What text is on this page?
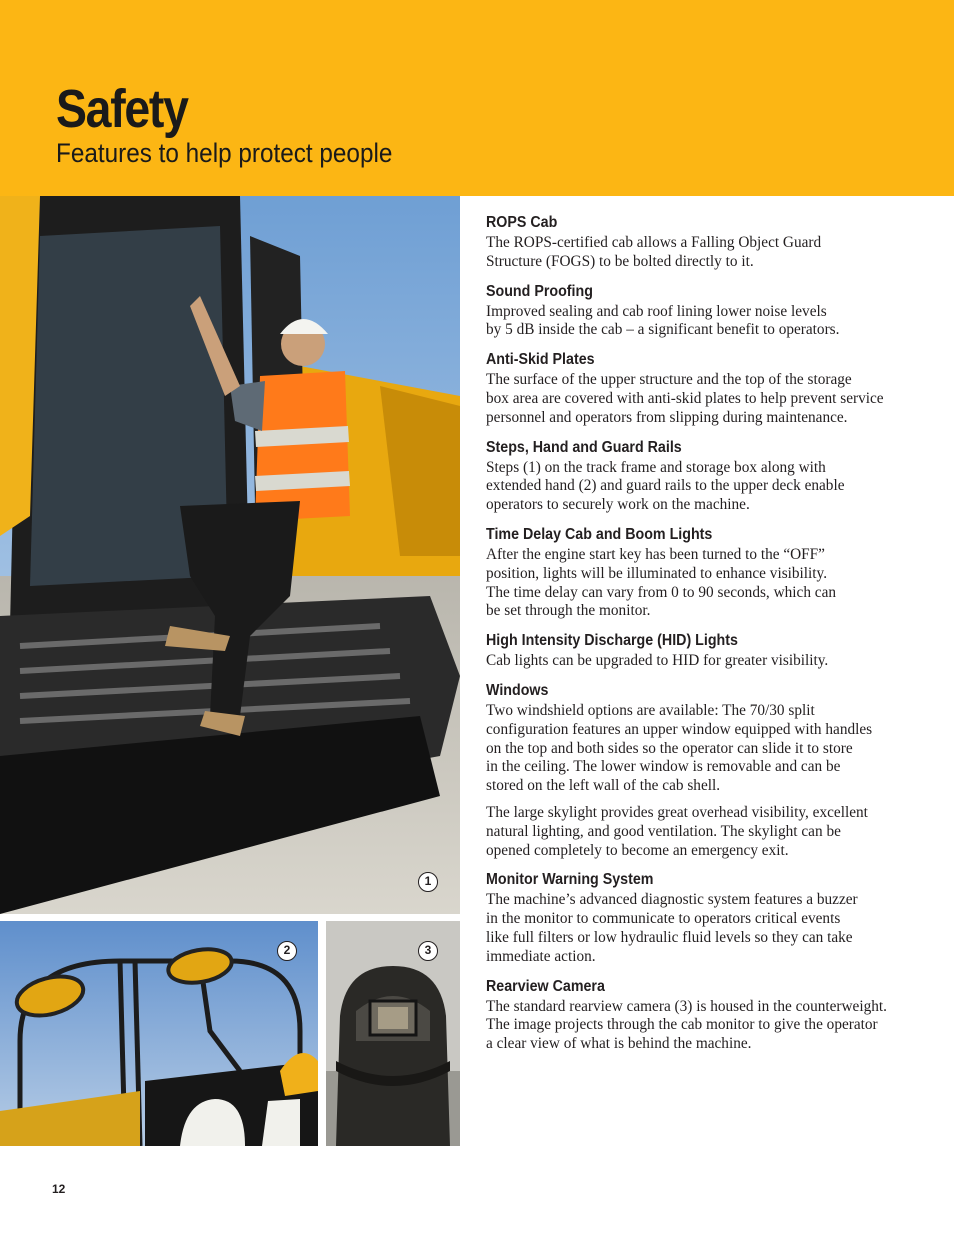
Safety
Features to help protect people
1
2	3
ROPS Cab

The ROPS-certified cab allows a Falling Object Guard
Structure (FOGS) to be bolted directly to it.

Sound Proofing

Improved sealing and cab roof lining lower noise levels
by 5 dB inside the cab – a significant benefit to operators.

Anti-Skid Plates

The surface of the upper structure and the top of the storage
box area are covered with anti-skid plates to help prevent service
personnel and operators from slipping during maintenance.

Steps, Hand and Guard Rails

Steps (1) on the track frame and storage box along with
extended hand (2) and guard rails to the upper deck enable
operators to securely work on the machine.

Time Delay Cab and Boom Lights

After the engine start key has been turned to the “OFF”
position, lights will be illuminated to enhance visibility.
The time delay can vary from 0 to 90 seconds, which can
be set through the monitor.

High Intensity Discharge (HID) Lights

Cab lights can be upgraded to HID for greater visibility.

Windows

Two windshield options are available: The 70/30 split
configuration features an upper window equipped with handles
on the top and both sides so the operator can slide it to store
in the ceiling. The lower window is removable and can be
stored on the left wall of the cab shell.

The large skylight provides great overhead visibility, excellent
natural lighting, and good ventilation. The skylight can be
opened completely to become an emergency exit.

Monitor Warning System

The machine’s advanced diagnostic system features a buzzer
in the monitor to communicate to operators critical events
like full filters or low hydraulic fluid levels so they can take
immediate action.

Rearview Camera

The standard rearview camera (3) is housed in the counterweight.
The image projects through the cab monitor to give the operator
a clear view of what is behind the machine.

12
